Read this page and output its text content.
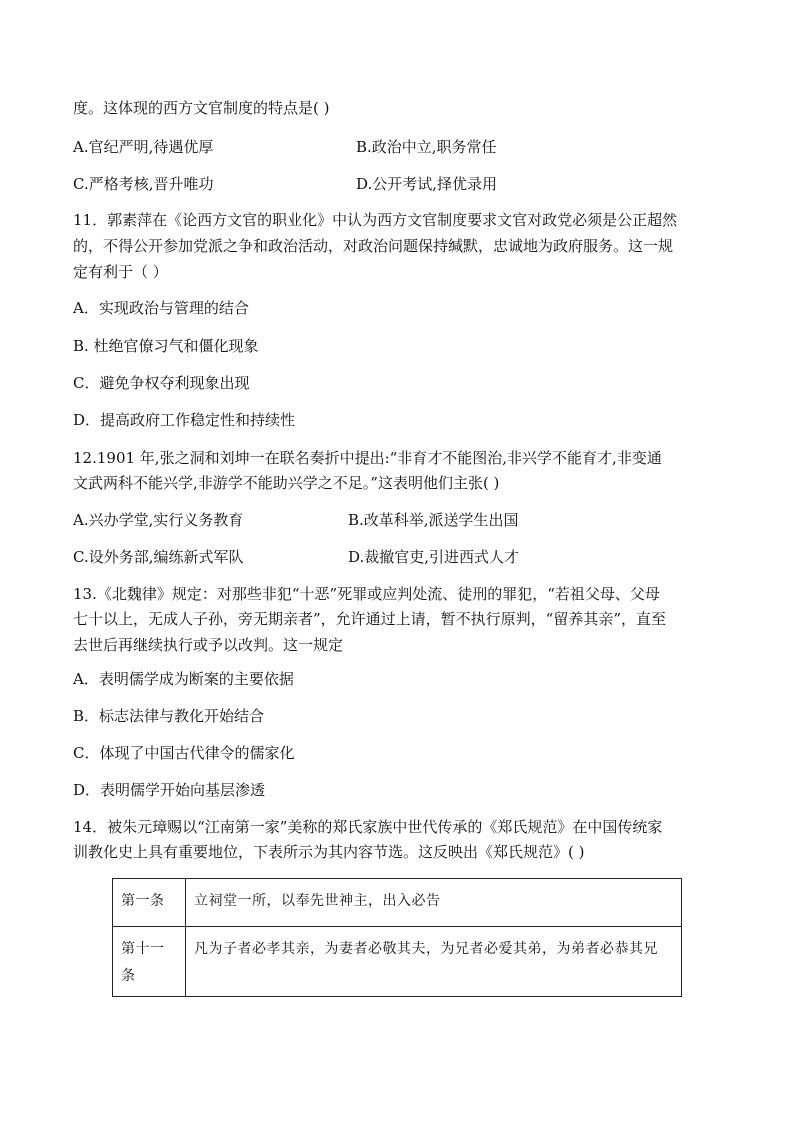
度。这体现的西方文官制度的特点是( )
A.官纪严明,待遇优厚	B.政治中立,职务常任
C.严格考核,晋升唯功	D.公开考试,择优录用
11．郭素萍在《论西方文官的职业化》中认为西方文官制度要求文官对政党必须是公正超然
的，不得公开参加党派之争和政治活动，对政治问题保持缄默，忠诚地为政府服务。这一规
定有利于（ ）
A．实现政治与管理的结合
B. 杜绝官僚习气和僵化现象
C．避免争权夺利现象出现
D．提高政府工作稳定性和持续性
12.1901 年,张之洞和刘坤一在联名奏折中提出:“非育才不能图治,非兴学不能育才,非变通
文武两科不能兴学,非游学不能助兴学之不足。”这表明他们主张( )
A.兴办学堂,实行义务教育	B.改革科举,派送学生出国
C.设外务部,编练新式军队	D.裁撤官吏,引进西式人才
13.《北魏律》规定：对那些非犯“十恶”死罪或应判处流、徒刑的罪犯，“若祖父母、父母
七十以上，无成人子孙，旁无期亲者”，允许通过上请，暂不执行原判，“留养其亲”，直至
去世后再继续执行或予以改判。这一规定
A．表明儒学成为断案的主要依据
B．标志法律与教化开始结合
C．体现了中国古代律令的儒家化
D．表明儒学开始向基层渗透
14．被朱元璋赐以“江南第一家”美称的郑氏家族中世代传承的《郑氏规范》在中国传统家
训教化史上具有重要地位，下表所示为其内容节选。这反映出《郑氏规范》( )
第一条	立祠堂一所，以奉先世神主，出入必告

第十一条	凡为子者必孝其亲，为妻者必敬其夫，为兄者必爱其弟，为弟者必恭其兄
